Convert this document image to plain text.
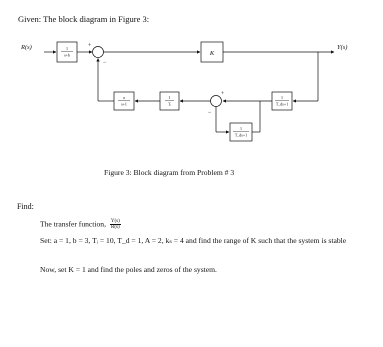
Given: The block diagram in Figure 3:
R(s)	1
s+b
+
−
K
Y(s)
1
T_ds+1
+
−
1
T_ds+1
1
Tᵢ
a
s+1
Figure 3: Block diagram from Problem # 3
Find:
The transfer function, $\frac{Y(s)}{R(s)}$
Set: a = 1, b = 3, Tᵢ = 10, T_d = 1, A = 2, kₛ = 4 and find the range of K such that the system is stable
Now, set K = 1 and find the poles and zeros of the system.
